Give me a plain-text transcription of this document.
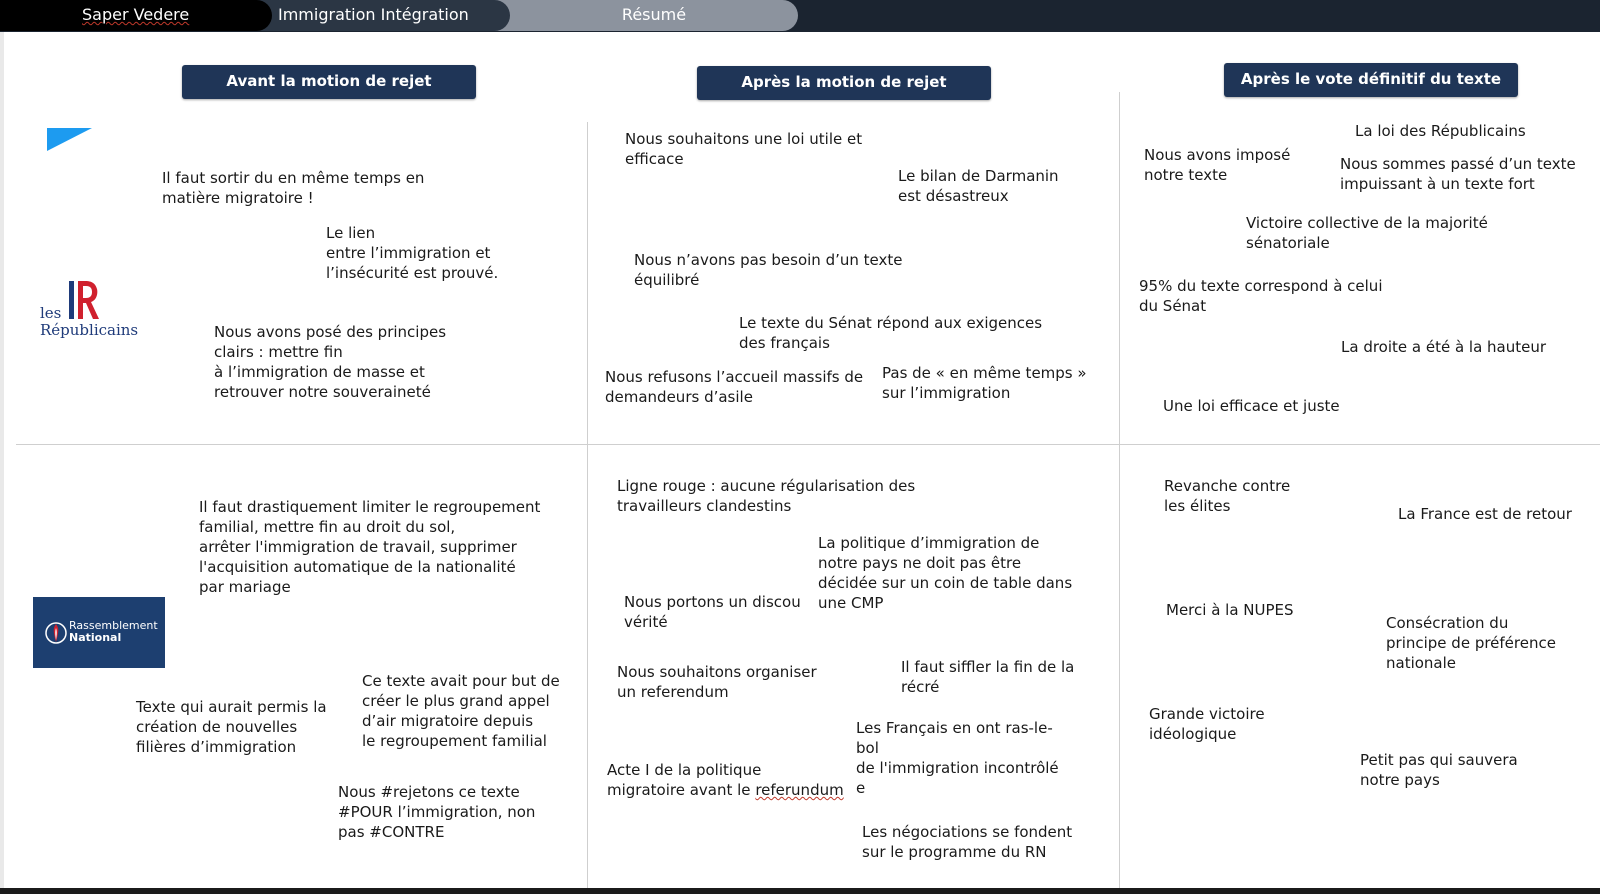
Saper Vedere	Immigration Intégration	Résumé
Avant la motion de rejet	Après la motion de rejet	Après le vote définitif du texte
les
Républicains
Rassemblement
National
Il faut sortir du en même temps en
matière migratoire !
Le lien
entre l’immigration et
l’insécurité est prouvé.
Nous avons posé des principes
clairs : mettre fin
à l’immigration de masse et
retrouver notre souveraineté
Nous souhaitons une loi utile et
efficace
Le bilan de Darmanin
est désastreux
Nous n’avons pas besoin d’un texte
équilibré
Le texte du Sénat répond aux exigences
des français
Nous refusons l’accueil massifs de
demandeurs d’asile
Pas de « en même temps »
sur l’immigration
La loi des Républicains
Nous avons imposé
notre texte
Nous sommes passé d’un texte
impuissant à un texte fort
Victoire collective de la majorité
sénatoriale
95% du texte correspond à celui
du Sénat
La droite a été à la hauteur
Une loi efficace et juste
Il faut drastiquement limiter le regroupement
familial, mettre fin au droit du sol,
arrêter l'immigration de travail, supprimer
l'acquisition automatique de la nationalité
par mariage
Ce texte avait pour but de
créer le plus grand appel
d’air migratoire depuis
le regroupement familial
Texte qui aurait permis la
création de nouvelles
filières d’immigration
Nous #rejetons ce texte
#POUR l’immigration, non
pas #CONTRE
Ligne rouge : aucune régularisation des
travailleurs clandestins
La politique d’immigration de
notre pays ne doit pas être
décidée sur un coin de table dans
une CMP
Nous portons un discou
vérité
Nous souhaitons organiser
un referendum
Il faut siffler la fin de la
récré
Les Français en ont ras-le-
bol
de l'immigration incontrôlé
e
Acte I de la politique
migratoire avant le referundum
Les négociations se fondent
sur le programme du RN
Revanche contre
les élites	La France est de retour
Merci à la NUPES
Consécration du
principe de préférence
nationale
Grande victoire
idéologique
Petit pas qui sauvera
notre pays
